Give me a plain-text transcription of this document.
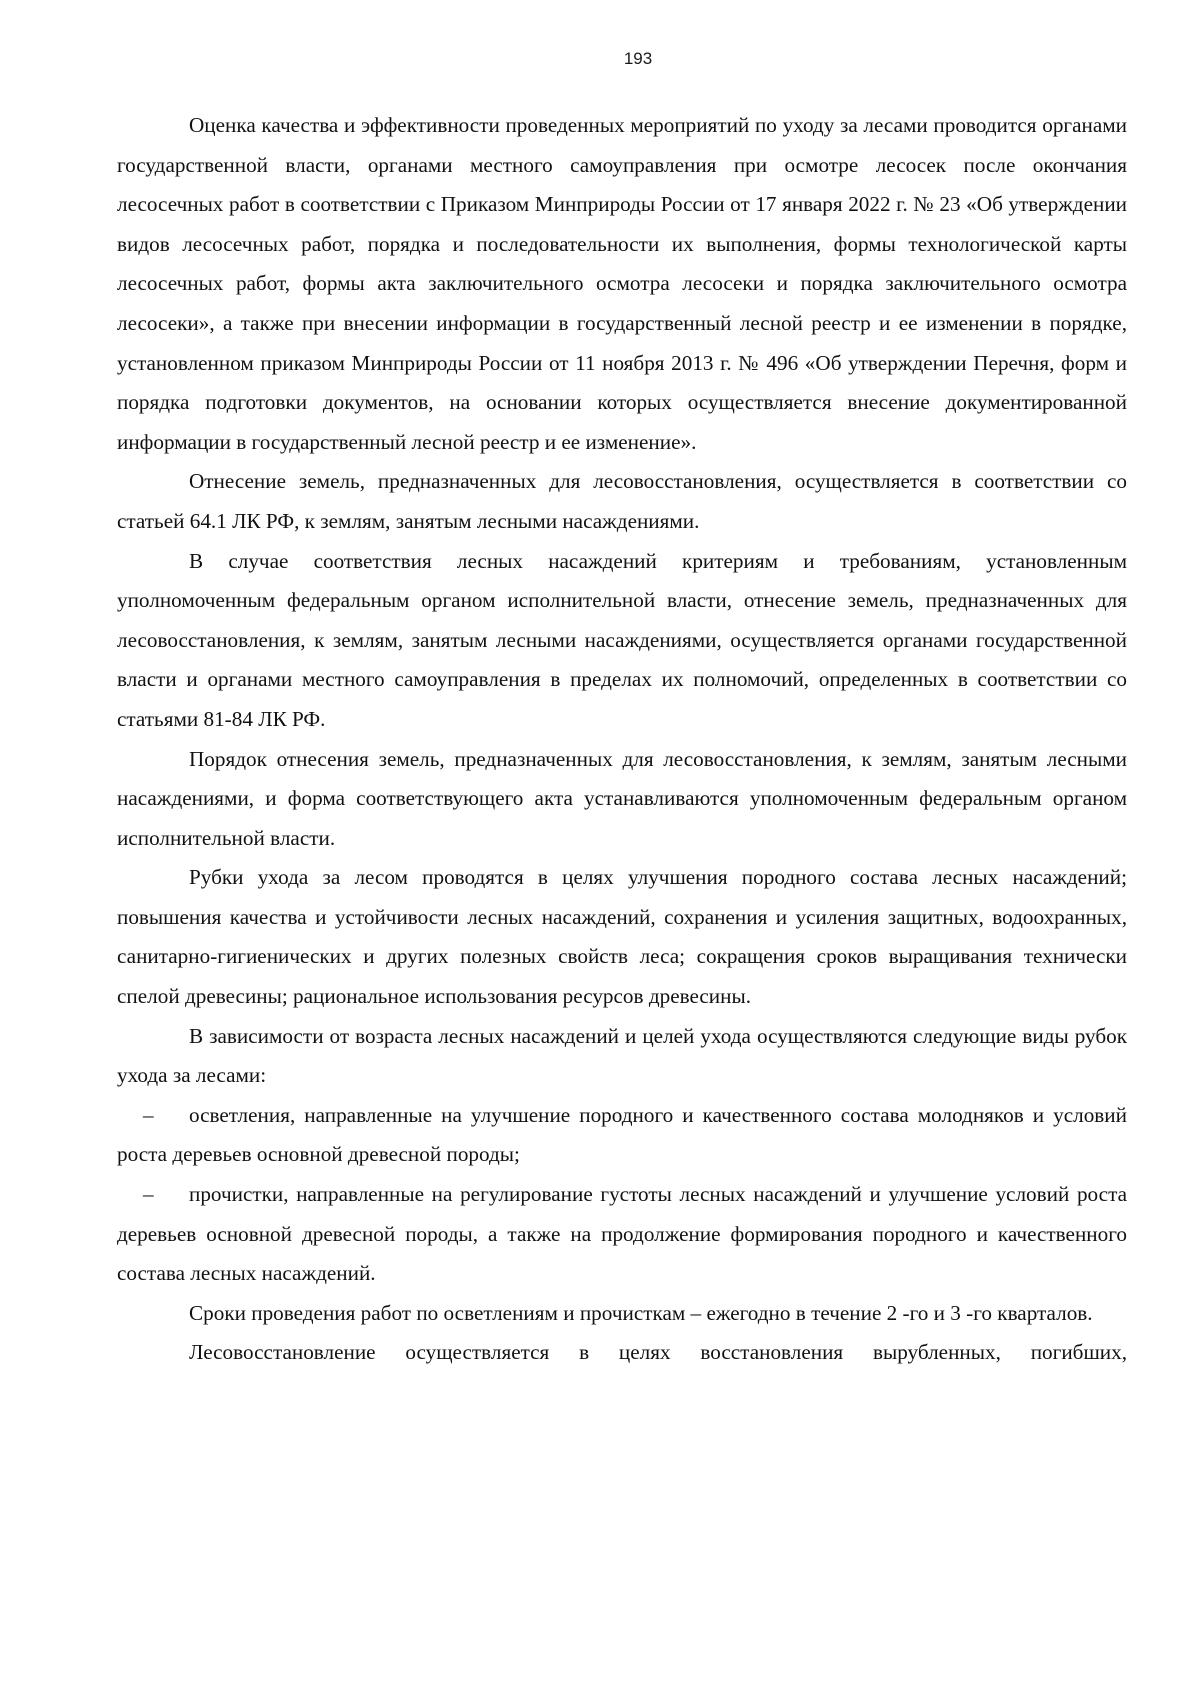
193

Оценка качества и эффективности проведенных мероприятий по уходу за лесами проводится органами государственной власти, органами местного самоуправления при осмотре лесосек после окончания лесосечных работ в соответствии с Приказом Минприроды России от 17 января 2022 г. № 23 «Об утверждении видов лесосечных работ, порядка и последовательности их выполнения, формы технологической карты лесосечных работ, формы акта заключительного осмотра лесосеки и порядка заключительного осмотра лесосеки», а также при внесении информации в государственный лесной реестр и ее изменении в порядке, установленном приказом Минприроды России от 11 ноября 2013 г. № 496 «Об утверждении Перечня, форм и порядка подготовки документов, на основании которых осуществляется внесение документированной информации в государственный лесной реестр и ее изменение».

Отнесение земель, предназначенных для лесовосстановления, осуществляется в соответствии со статьей 64.1 ЛК РФ, к землям, занятым лесными насаждениями.

В случае соответствия лесных насаждений критериям и требованиям, установленным уполномоченным федеральным органом исполнительной власти, отнесение земель, предназначенных для лесовосстановления, к землям, занятым лесными насаждениями, осуществляется органами государственной власти и органами местного самоуправления в пределах их полномочий, определенных в соответствии со статьями 81-84 ЛК РФ.

Порядок отнесения земель, предназначенных для лесовосстановления, к землям, занятым лесными насаждениями, и форма соответствующего акта устанавливаются уполномоченным федеральным органом исполнительной власти.

Рубки ухода за лесом проводятся в целях улучшения породного состава лесных насаждений; повышения качества и устойчивости лесных насаждений, сохранения и усиления защитных, водоохранных, санитарно-гигиенических и других полезных свойств леса; сокращения сроков выращивания технически спелой древесины; рациональное использования ресурсов древесины.

В зависимости от возраста лесных насаждений и целей ухода осуществляются следующие виды рубок ухода за лесами:

– осветления, направленные на улучшение породного и качественного состава молодняков и условий роста деревьев основной древесной породы;

– прочистки, направленные на регулирование густоты лесных насаждений и улучшение условий роста деревьев основной древесной породы, а также на продолжение формирования породного и качественного состава лесных насаждений.

Сроки проведения работ по осветлениям и прочисткам – ежегодно в течение 2 -го и 3 -го кварталов.

Лесовосстановление осуществляется в целях восстановления вырубленных, погибших,
